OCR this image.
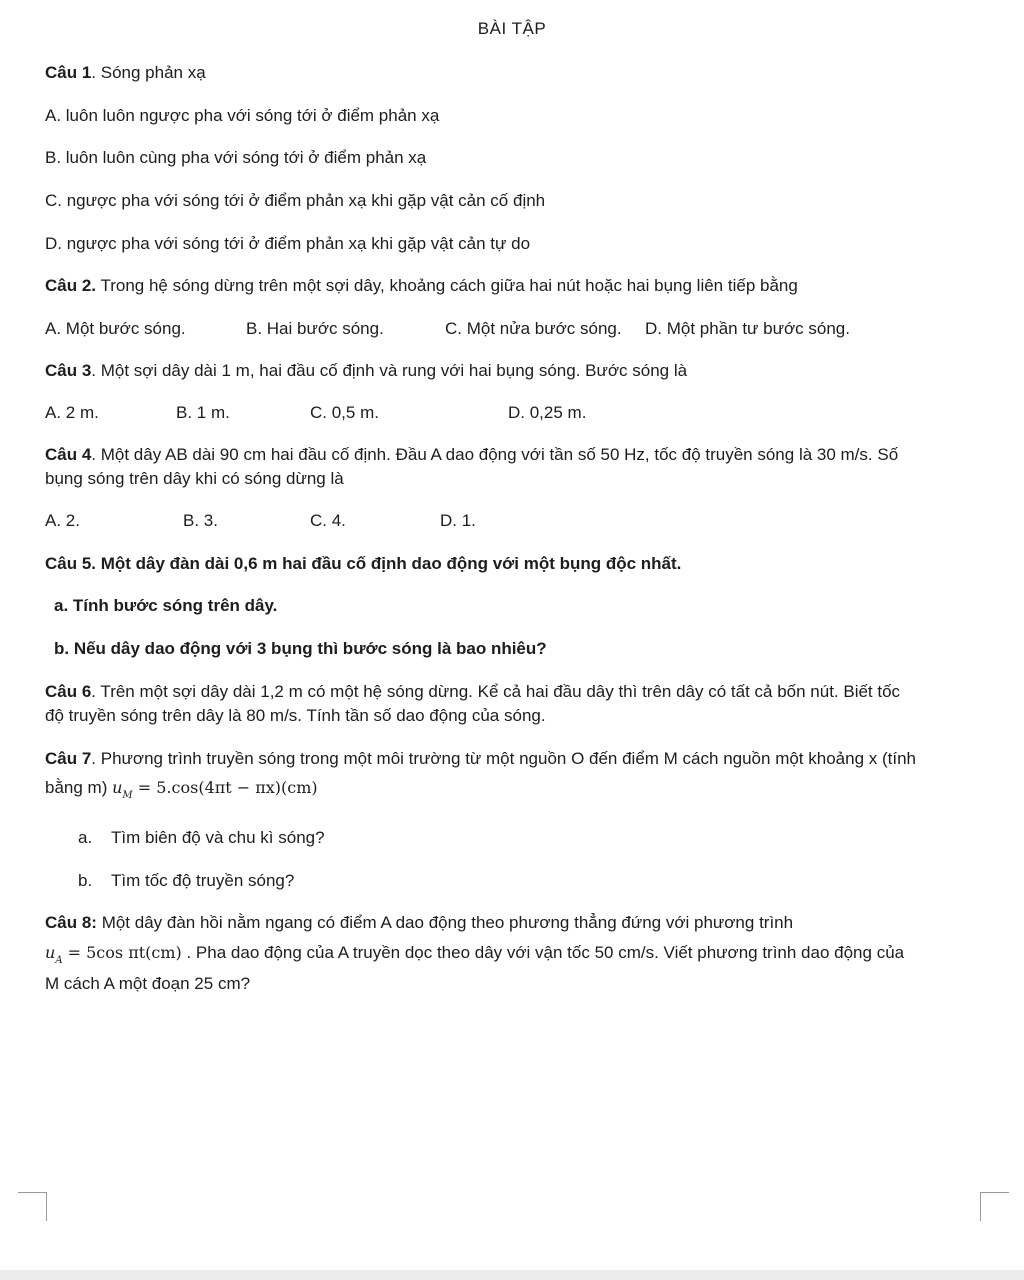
BÀI TẬP
Câu 1. Sóng phản xạ
A. luôn luôn ngược pha với sóng tới ở điểm phản xạ
B. luôn luôn cùng pha với sóng tới ở điểm phản xạ
C. ngược pha với sóng tới ở điểm phản xạ khi gặp vật cản cố định
D. ngược pha với sóng tới ở điểm phản xạ khi gặp vật cản tự do
Câu 2. Trong hệ sóng dừng trên một sợi dây, khoảng cách giữa hai nút hoặc hai bụng liên tiếp bằng
A. Một bước sóng.	B. Hai bước sóng.	C. Một nửa bước sóng. D. Một phần tư bước sóng.
Câu 3. Một sợi dây dài 1 m, hai đầu cố định và rung với hai bụng sóng. Bước sóng là
A. 2 m.	B. 1 m.	C. 0,5 m.	D. 0,25 m.
Câu 4. Một dây AB dài 90 cm hai đầu cố định. Đầu A dao động với tần số 50 Hz, tốc độ truyền sóng là 30 m/s. Số
bụng sóng trên dây khi có sóng dừng là
A. 2.	B. 3.	C. 4.	D. 1.
Câu 5. Một dây đàn dài 0,6 m hai đầu cố định dao động với một bụng độc nhất.
a. Tính bước sóng trên dây.
b. Nếu dây dao động với 3 bụng thì bước sóng là bao nhiêu?
Câu 6. Trên một sợi dây dài 1,2 m có một hệ sóng dừng. Kể cả hai đầu dây thì trên dây có tất cả bốn nút. Biết tốc
độ truyền sóng trên dây là 80 m/s. Tính tần số dao động của sóng.
Câu 7. Phương trình truyền sóng trong một môi trường từ một nguồn O đến điểm M cách nguồn một khoảng x (tính
bằng m) $u_M = 5.\cos(4\pi t - \pi x)(cm)$
a. Tìm biên độ và chu kì sóng?
b. Tìm tốc độ truyền sóng?
Câu 8: Một dây đàn hồi nằm ngang có điểm A dao động theo phương thẳng đứng với phương trình
$u_A = 5\cos$ πt(cm) . Pha dao động của A truyền dọc theo dây với vận tốc 50 cm/s. Viết phương trình dao động của
M cách A một đoạn 25 cm?
